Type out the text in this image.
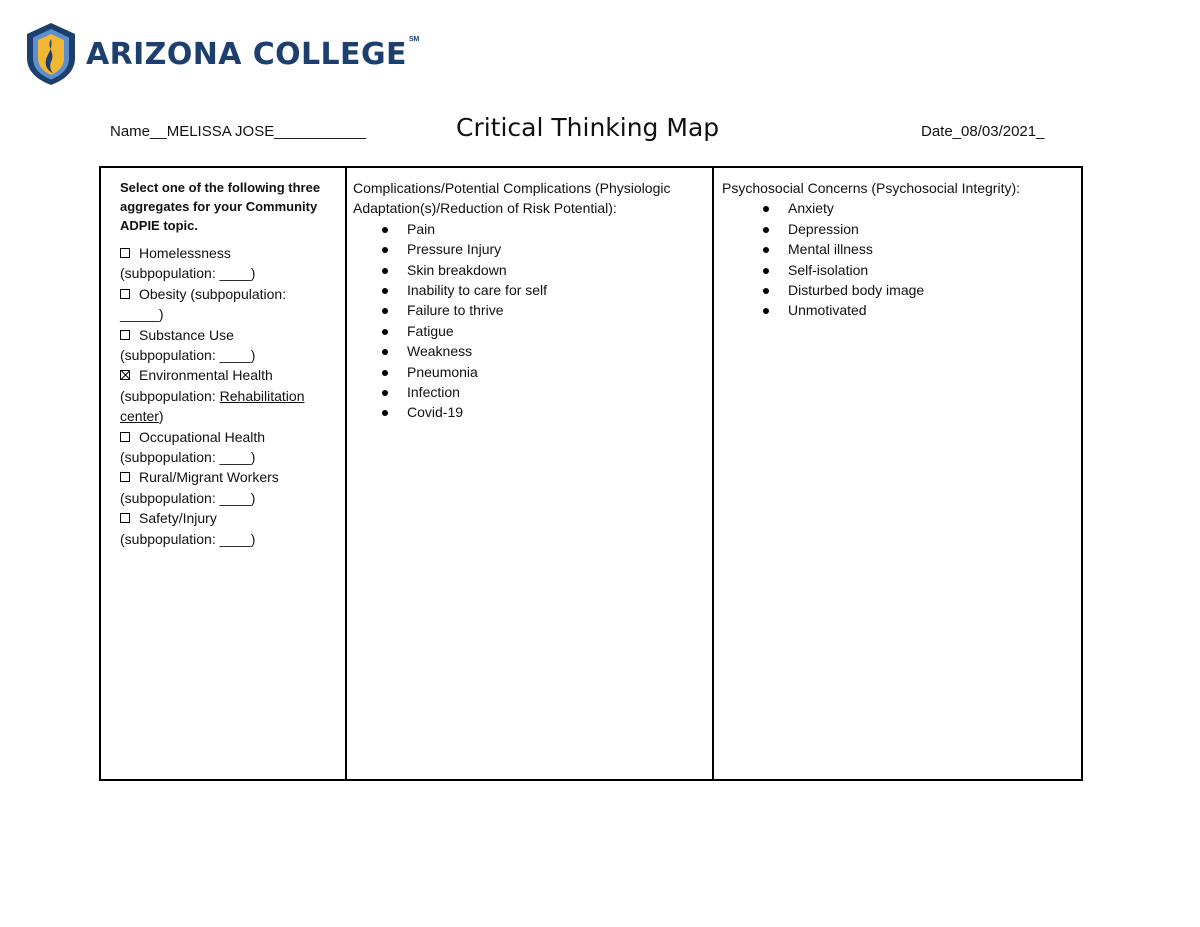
ARIZONA COLLEGE SM
Name__MELISSA JOSE___________	Critical Thinking Map	Date_08/03/2021_
Select one of the following three aggregates for your Community ADPIE topic.
Homelessness
(subpopulation: ____)
Obesity (subpopulation:
_____)
Substance Use
(subpopulation: ____)
Environmental Health
(subpopulation: Rehabilitation center)
Occupational Health
(subpopulation: ____)
Rural/Migrant Workers
(subpopulation: ____)
Safety/Injury
(subpopulation: ____)
Complications/Potential Complications (Physiologic Adaptation(s)/Reduction of Risk Potential):
Pain
Pressure Injury
Skin breakdown
Inability to care for self
Failure to thrive
Fatigue
Weakness
Pneumonia
Infection
Covid-19
Psychosocial Concerns (Psychosocial Integrity):
Anxiety
Depression
Mental illness
Self-isolation
Disturbed body image
Unmotivated
